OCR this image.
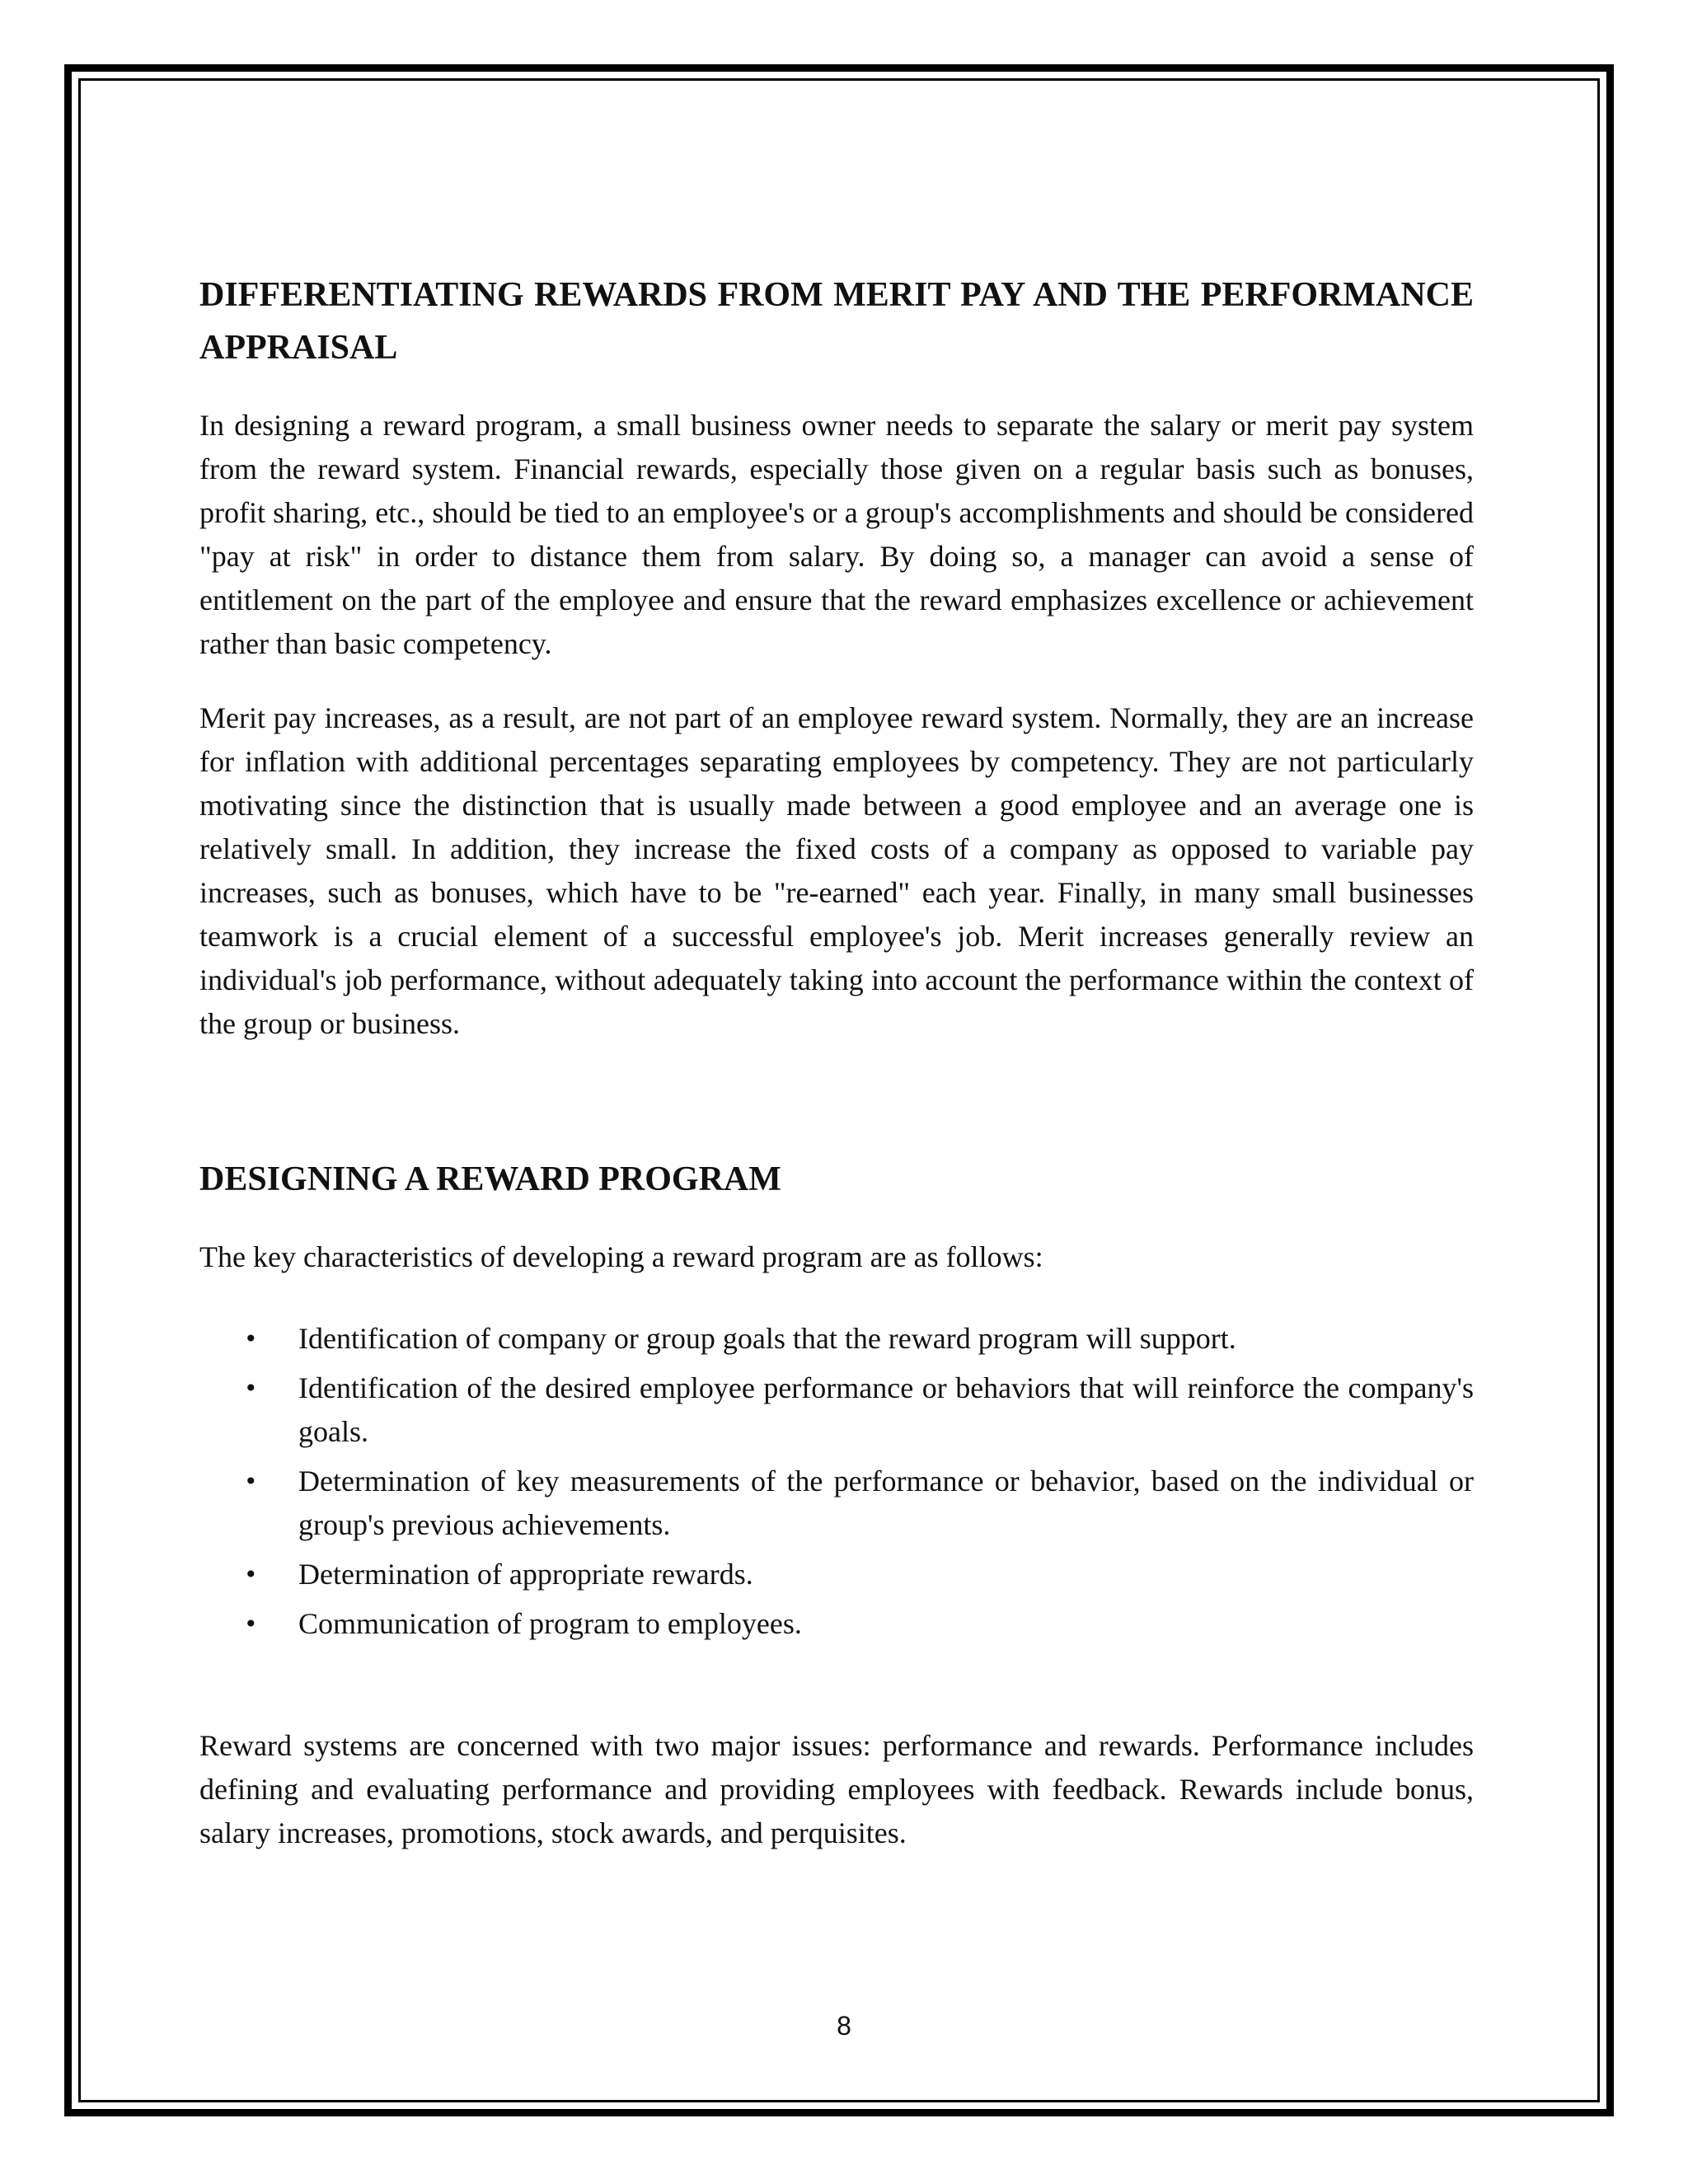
DIFFERENTIATING REWARDS FROM MERIT PAY AND THE PERFORMANCE APPRAISAL

In designing a reward program, a small business owner needs to separate the salary or merit pay system from the reward system. Financial rewards, especially those given on a regular basis such as bonuses, profit sharing, etc., should be tied to an employee's or a group's accomplishments and should be considered "pay at risk" in order to distance them from salary. By doing so, a manager can avoid a sense of entitlement on the part of the employee and ensure that the reward emphasizes excellence or achievement rather than basic competency.

Merit pay increases, as a result, are not part of an employee reward system. Normally, they are an increase for inflation with additional percentages separating employees by competency. They are not particularly motivating since the distinction that is usually made between a good employee and an average one is relatively small. In addition, they increase the fixed costs of a company as opposed to variable pay increases, such as bonuses, which have to be "re-earned" each year. Finally, in many small businesses teamwork is a crucial element of a successful employee's job. Merit increases generally review an individual's job performance, without adequately taking into account the performance within the context of the group or business.

DESIGNING A REWARD PROGRAM

The key characteristics of developing a reward program are as follows:

• Identification of company or group goals that the reward program will support.
• Identification of the desired employee performance or behaviors that will reinforce the company's goals.
• Determination of key measurements of the performance or behavior, based on the individual or group's previous achievements.
• Determination of appropriate rewards.
• Communication of program to employees.

Reward systems are concerned with two major issues: performance and rewards. Performance includes defining and evaluating performance and providing employees with feedback. Rewards include bonus, salary increases, promotions, stock awards, and perquisites.

8
